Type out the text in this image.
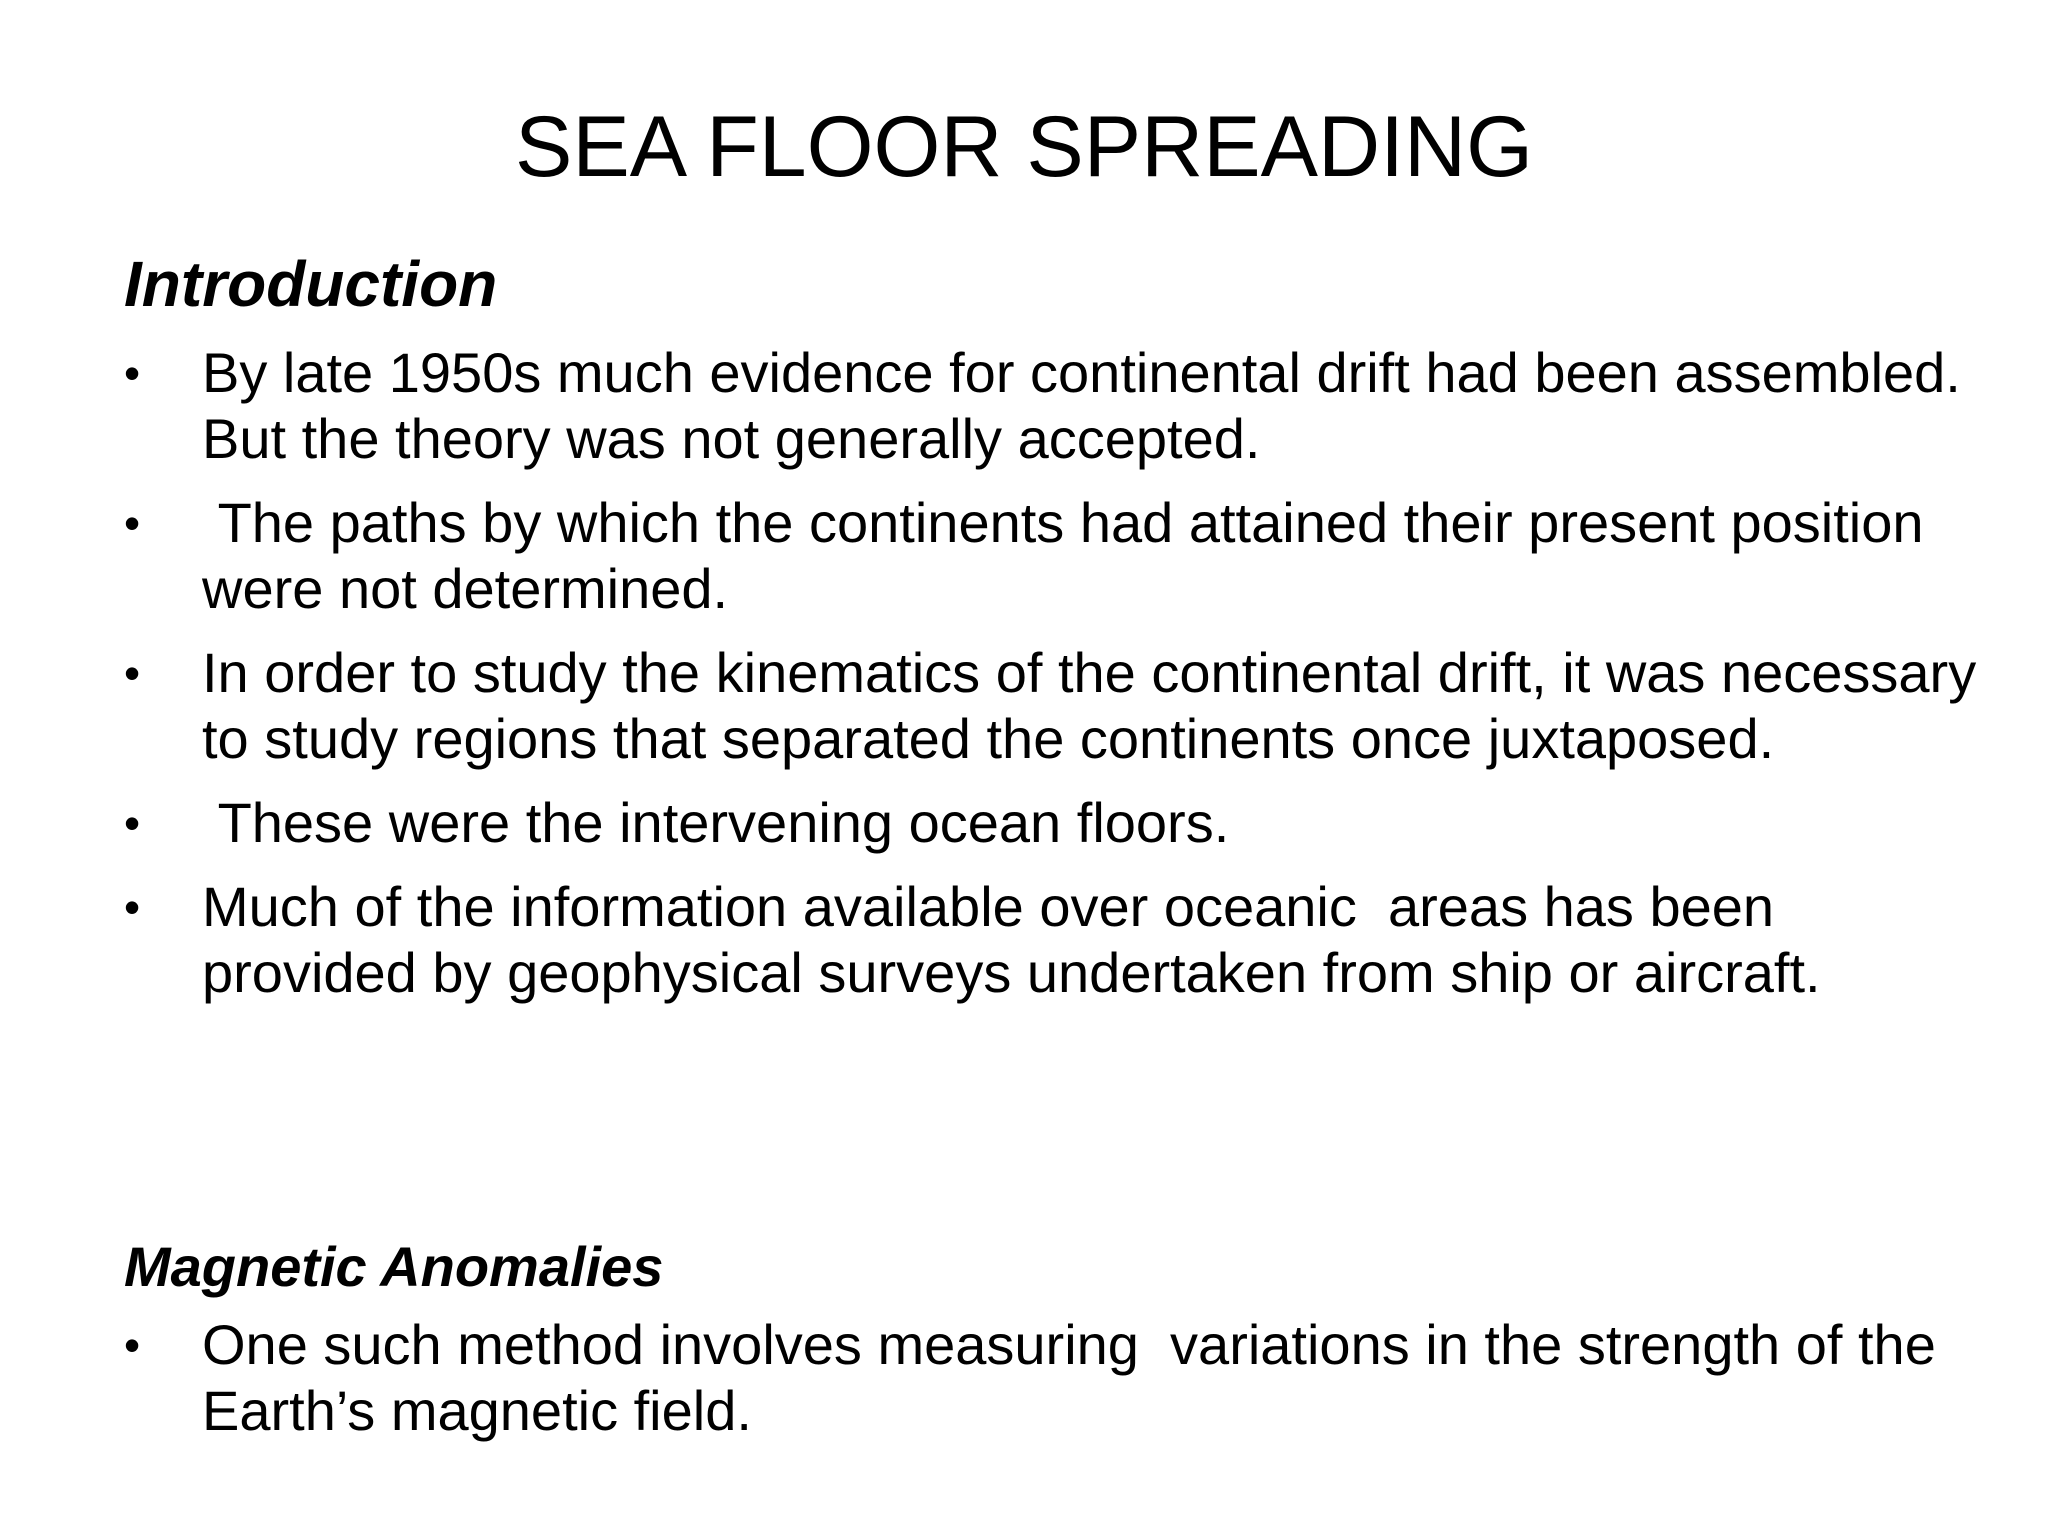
SEA FLOOR SPREADING
Introduction
•	By late 1950s much evidence for continental drift had been assembled. But the theory was not generally accepted.
•	The paths by which the continents had attained their present position were not determined.
•	In order to study the kinematics of the continental drift, it was necessary to study regions that separated the continents once juxtaposed.
•	These were the intervening ocean floors.
•	Much of the information available over oceanic  areas has been provided by geophysical surveys undertaken from ship or aircraft.
Magnetic Anomalies
•	One such method involves measuring  variations in the strength of the Earth’s magnetic field.
